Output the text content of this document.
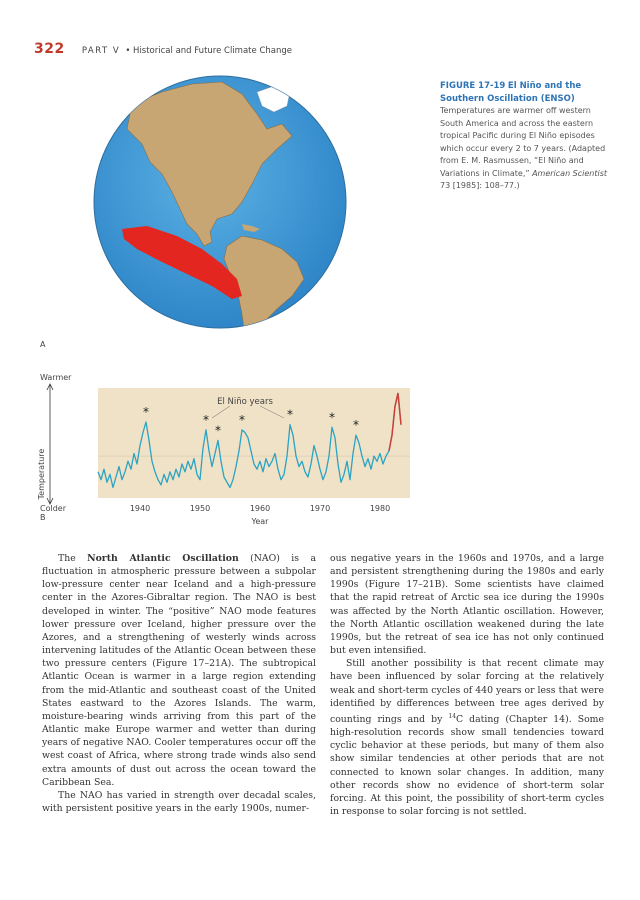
322 PART V • Historical and Future Climate Change
FIGURE 17-19 El Niño and the Southern Oscillation (ENSO)
Temperatures are warmer off western South America and across the eastern tropical Pacific during El Niño episodes which occur every 2 to 7 years. (Adapted from E. M. Rasmussen, “El Niño and Variations in Climate,” American Scientist 73 [1985]: 108–77.)
A
Warmer
Colder
Temperature
1940	1950	1960	1970	1980
Year
*
*
*
*	*	*
*
El Niño years
B

The North Atlantic Oscillation (NAO) is a fluctuation in atmospheric pressure between a subpolar low-pressure center near Iceland and a high-pressure center in the Azores-Gibraltar region. The NAO is best developed in winter. The “positive” NAO mode features lower pressure over Iceland, higher pressure over the Azores, and a strengthening of westerly winds across intervening latitudes of the Atlantic Ocean between these two pressure centers (Figure 17–21A). The subtropical Atlantic Ocean is warmer in a large region extending from the mid-Atlantic and southeast coast of the United States eastward to the Azores Islands. The warm, moisture-bearing winds arriving from this part of the Atlantic make Europe warmer and wetter than during years of negative NAO. Cooler temperatures occur off the west coast of Africa, where strong trade winds also send extra amounts of dust out across the ocean toward the Caribbean Sea.

The NAO has varied in strength over decadal scales, with persistent positive years in the early 1900s, numer-

ous negative years in the 1960s and 1970s, and a large and persistent strengthening during the 1980s and early 1990s (Figure 17–21B). Some scientists have claimed that the rapid retreat of Arctic sea ice during the 1990s was affected by the North Atlantic oscillation. However, the North Atlantic oscillation weakened during the late 1990s, but the retreat of sea ice has not only continued but even intensified.

Still another possibility is that recent climate may have been influenced by solar forcing at the relatively weak and short-term cycles of 440 years or less that were identified by differences between tree ages derived by counting rings and by $^{14}$C dating (Chapter 14). Some high-resolution records show small tendencies toward cyclic behavior at these periods, but many of them also show similar tendencies at other periods that are not connected to known solar changes. In addition, many other records show no evidence of short-term solar forcing. At this point, the possibility of short-term cycles in response to solar forcing is not settled.
